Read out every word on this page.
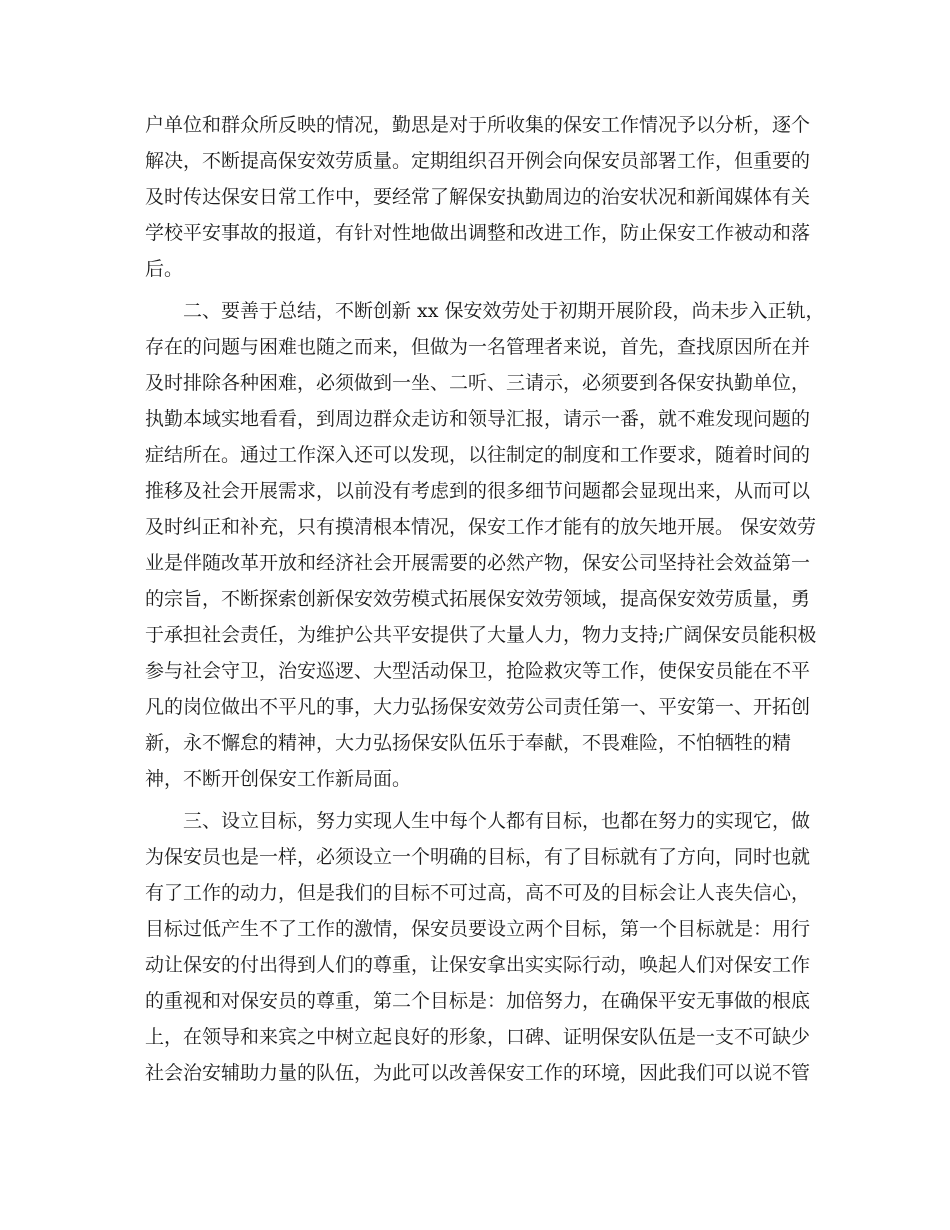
户单位和群众所反映的情况，勤思是对于所收集的保安工作情况予以分析，逐个
解决，不断提高保安效劳质量。定期组织召开例会向保安员部署工作，但重要的
及时传达保安日常工作中，要经常了解保安执勤周边的治安状况和新闻媒体有关
学校平安事故的报道，有针对性地做出调整和改进工作，防止保安工作被动和落
后。
二、要善于总结，不断创新 xx 保安效劳处于初期开展阶段，尚未步入正轨，
存在的问题与困难也随之而来，但做为一名管理者来说，首先，查找原因所在并
及时排除各种困难，必须做到一坐、二听、三请示，必须要到各保安执勤单位，
执勤本域实地看看，到周边群众走访和领导汇报，请示一番，就不难发现问题的
症结所在。通过工作深入还可以发现，以往制定的制度和工作要求，随着时间的
推移及社会开展需求，以前没有考虑到的很多细节问题都会显现出来，从而可以
及时纠正和补充，只有摸清根本情况，保安工作才能有的放矢地开展。 保安效劳
业是伴随改革开放和经济社会开展需要的必然产物，保安公司坚持社会效益第一
的宗旨，不断探索创新保安效劳模式拓展保安效劳领域，提高保安效劳质量，勇
于承担社会责任，为维护公共平安提供了大量人力，物力支持;广阔保安员能积极
参与社会守卫，治安巡逻、大型活动保卫，抢险救灾等工作，使保安员能在不平
凡的岗位做出不平凡的事，大力弘扬保安效劳公司责任第一、平安第一、开拓创
新，永不懈怠的精神，大力弘扬保安队伍乐于奉献，不畏难险，不怕牺牲的精
神，不断开创保安工作新局面。
三、设立目标，努力实现人生中每个人都有目标，也都在努力的实现它，做
为保安员也是一样，必须设立一个明确的目标，有了目标就有了方向，同时也就
有了工作的动力，但是我们的目标不可过高，高不可及的目标会让人丧失信心，
目标过低产生不了工作的激情，保安员要设立两个目标，第一个目标就是：用行
动让保安的付出得到人们的尊重，让保安拿出实实际行动，唤起人们对保安工作
的重视和对保安员的尊重，第二个目标是：加倍努力，在确保平安无事做的根底
上，在领导和来宾之中树立起良好的形象，口碑、证明保安队伍是一支不可缺少
社会治安辅助力量的队伍，为此可以改善保安工作的环境，因此我们可以说不管
